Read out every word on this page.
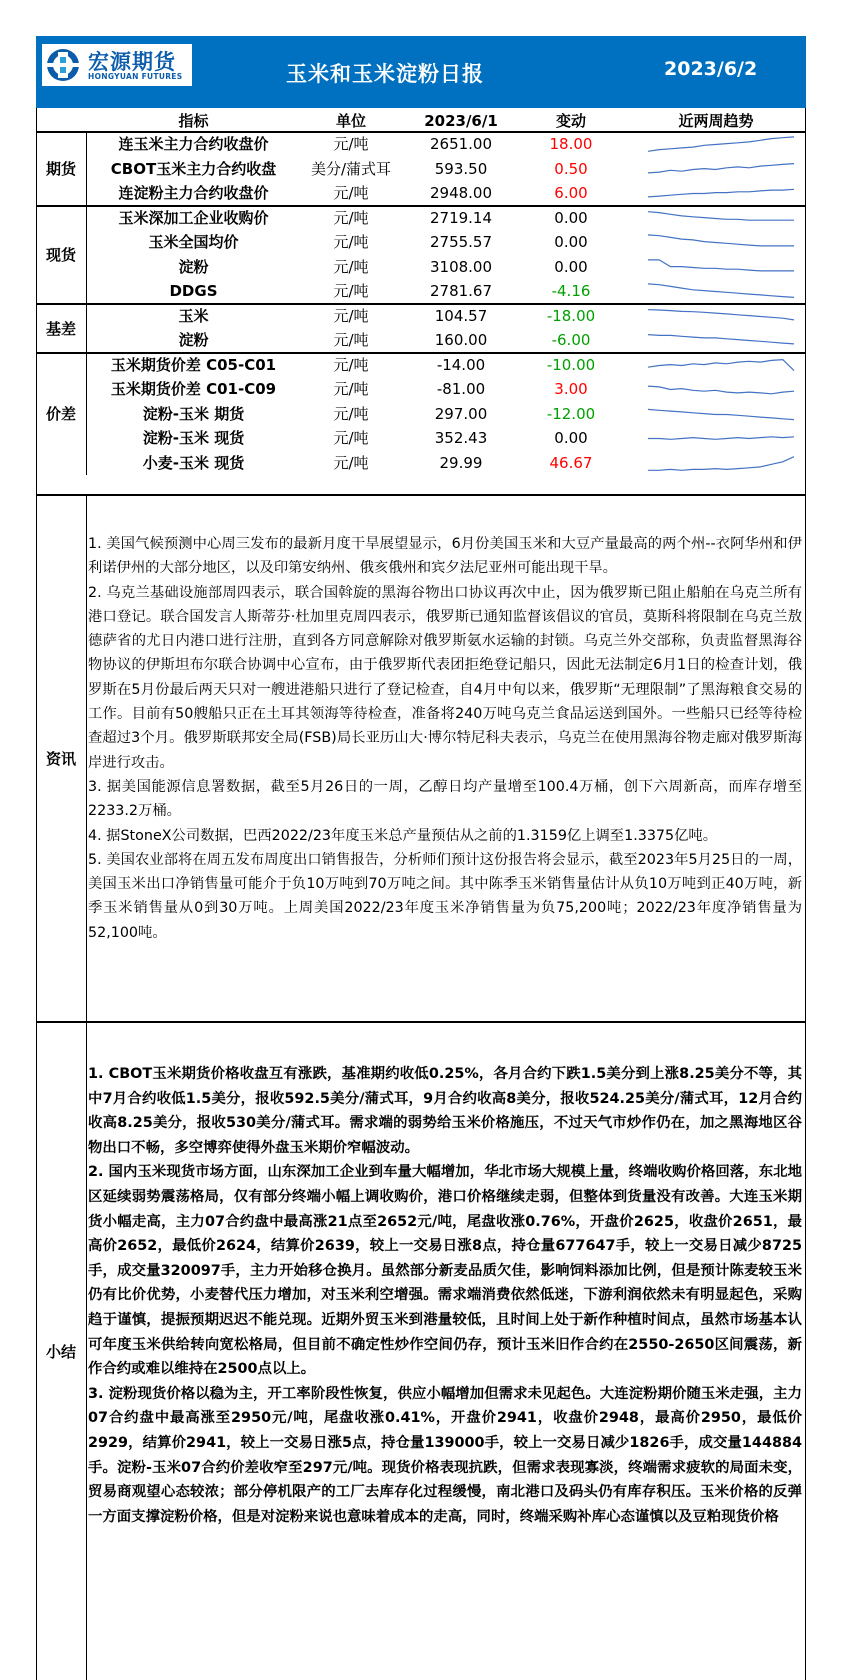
宏源期货
HONGYUAN FUTURES	玉米和玉米淀粉日报	2023/6/2
指标	单位	2023/6/1	变动	近两周趋势
连玉米主力合约收盘价	元/吨	2651.00	18.00
CBOT玉米主力合约收盘	美分/蒲式耳	593.50	0.50
连淀粉主力合约收盘价	元/吨	2948.00	6.00
期货
玉米深加工企业收购价	元/吨	2719.14	0.00
玉米全国均价	元/吨	2755.57	0.00
淀粉	元/吨	3108.00	0.00
DDGS	元/吨	2781.67	-4.16
现货
玉米	元/吨	104.57	-18.00
淀粉	元/吨	160.00	-6.00
基差
玉米期货价差 C05-C01	元/吨	-14.00	-10.00
玉米期货价差 C01-C09	元/吨	-81.00	3.00
淀粉-玉米 期货	元/吨	297.00	-12.00
淀粉-玉米 现货	元/吨	352.43	0.00
小麦-玉米 现货	元/吨	29.99	46.67
价差
资讯

1. 美国气候预测中心周三发布的最新月度干旱展望显示，6月份美国玉米和大豆产量最高的两个州--衣阿华州和伊利诺伊州的大部分地区，以及印第安纳州、俄亥俄州和宾夕法尼亚州可能出现干旱。

2. 乌克兰基础设施部周四表示，联合国斡旋的黑海谷物出口协议再次中止，因为俄罗斯已阻止船舶在乌克兰所有港口登记。联合国发言人斯蒂芬·杜加里克周四表示，俄罗斯已通知监督该倡议的官员，莫斯科将限制在乌克兰敖德萨省的尤日内港口进行注册，直到各方同意解除对俄罗斯氨水运输的封锁。乌克兰外交部称，负责监督黑海谷物协议的伊斯坦布尔联合协调中心宣布，由于俄罗斯代表团拒绝登记船只，因此无法制定6月1日的检查计划，俄罗斯在5月份最后两天只对一艘进港船只进行了登记检查，自4月中旬以来，俄罗斯“无理限制”了黑海粮食交易的工作。目前有50艘船只正在土耳其领海等待检查，准备将240万吨乌克兰食品运送到国外。一些船只已经等待检查超过3个月。俄罗斯联邦安全局(FSB)局长亚历山大·博尔特尼科夫表示，乌克兰在使用黑海谷物走廊对俄罗斯海岸进行攻击。

3. 据美国能源信息署数据，截至5月26日的一周，乙醇日均产量增至100.4万桶，创下六周新高，而库存增至2233.2万桶。

4. 据StoneX公司数据，巴西2022/23年度玉米总产量预估从之前的1.3159亿上调至1.3375亿吨。

5. 美国农业部将在周五发布周度出口销售报告，分析师们预计这份报告将会显示，截至2023年5月25日的一周，美国玉米出口净销售量可能介于负10万吨到70万吨之间。其中陈季玉米销售量估计从负10万吨到正40万吨，新季玉米销售量从0到30万吨。上周美国2022/23年度玉米净销售量为负75,200吨；2022/23年度净销售量为52,100吨。

小结

1. CBOT玉米期货价格收盘互有涨跌，基准期约收低0.25%，各月合约下跌1.5美分到上涨8.25美分不等，其中7月合约收低1.5美分，报收592.5美分/蒲式耳，9月合约收高8美分，报收524.25美分/蒲式耳，12月合约收高8.25美分，报收530美分/蒲式耳。需求端的弱势给玉米价格施压，不过天气市炒作仍在，加之黑海地区谷物出口不畅，多空博弈使得外盘玉米期价窄幅波动。

2. 国内玉米现货市场方面，山东深加工企业到车量大幅增加，华北市场大规模上量，终端收购价格回落，东北地区延续弱势震荡格局，仅有部分终端小幅上调收购价，港口价格继续走弱，但整体到货量没有改善。大连玉米期货小幅走高，主力07合约盘中最高涨21点至2652元/吨，尾盘收涨0.76%，开盘价2625，收盘价2651，最高价2652，最低价2624，结算价2639，较上一交易日涨8点，持仓量677647手，较上一交易日减少8725手，成交量320097手，主力开始移仓换月。虽然部分新麦品质欠佳，影响饲料添加比例，但是预计陈麦较玉米仍有比价优势，小麦替代压力增加，对玉米利空增强。需求端消费依然低迷，下游利润依然未有明显起色，采购趋于谨慎，提振预期迟迟不能兑现。近期外贸玉米到港量较低，且时间上处于新作种植时间点，虽然市场基本认可年度玉米供给转向宽松格局，但目前不确定性炒作空间仍存，预计玉米旧作合约在2550-2650区间震荡，新作合约或难以维持在2500点以上。

3. 淀粉现货价格以稳为主，开工率阶段性恢复，供应小幅增加但需求未见起色。大连淀粉期价随玉米走强，主力07合约盘中最高涨至2950元/吨，尾盘收涨0.41%，开盘价2941，收盘价2948，最高价2950，最低价2929，结算价2941，较上一交易日涨5点，持仓量139000手，较上一交易日减少1826手，成交量144884手。淀粉-玉米07合约价差收窄至297元/吨。现货价格表现抗跌，但需求表现寡淡，终端需求疲软的局面未变，贸易商观望心态较浓；部分停机限产的工厂去库存化过程缓慢，南北港口及码头仍有库存积压。玉米价格的反弹一方面支撑淀粉价格，但是对淀粉来说也意味着成本的走高，同时，终端采购补库心态谨慎以及豆粕现货价格
